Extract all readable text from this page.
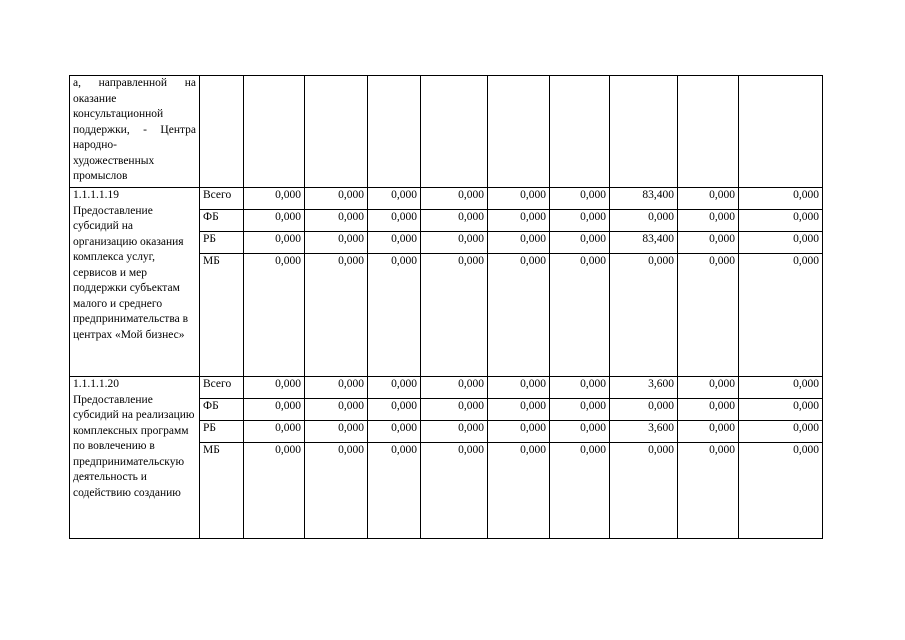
а, направленной на оказание консультационной поддержки, - Центра народно-художественных промыслов										

1.1.1.1.19
Предоставление субсидий на организацию оказания комплекса услуг, сервисов и мер поддержки субъектам малого и среднего предпринимательства в центрах «Мой бизнес»	Всего	0,000	0,000	0,000	0,000	0,000	0,000	83,400	0,000	0,000
	ФБ	0,000	0,000	0,000	0,000	0,000	0,000	0,000	0,000	0,000
	РБ	0,000	0,000	0,000	0,000	0,000	0,000	83,400	0,000	0,000
	МБ	0,000	0,000	0,000	0,000	0,000	0,000	0,000	0,000	0,000

1.1.1.1.20
Предоставление субсидий на реализацию комплексных программ по вовлечению в предпринимательскую деятельность и содействию созданию	Всего	0,000	0,000	0,000	0,000	0,000	0,000	3,600	0,000	0,000
	ФБ	0,000	0,000	0,000	0,000	0,000	0,000	0,000	0,000	0,000
	РБ	0,000	0,000	0,000	0,000	0,000	0,000	3,600	0,000	0,000
	МБ	0,000	0,000	0,000	0,000	0,000	0,000	0,000	0,000	0,000
